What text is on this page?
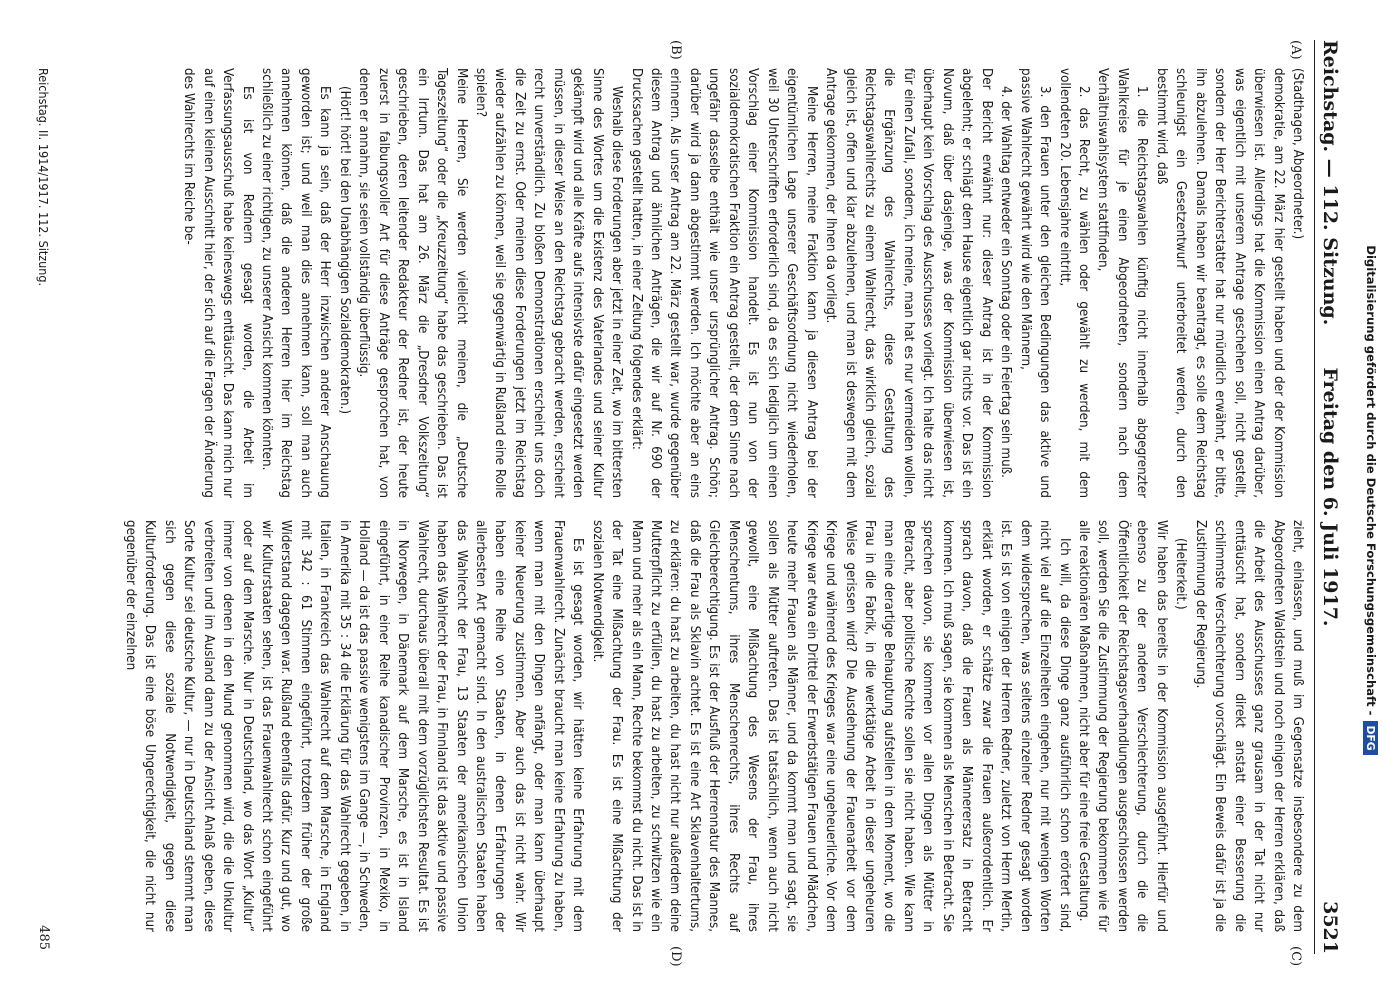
Digitalisierung gefördert durch die Deutsche Forschungsgemeinschaft -
DFG
Reichstag. — 112. Sitzung.
Freitag den 6. Juli 1917.
3521
(A)
(B)
(C)
(D)

(Stadthagen, Abgeordneter.)

demokratie, am 22. März hier gestellt haben und der der Kommission überwiesen ist. Allerdings hat die Kommission einen Antrag darüber, was eigentlich mit unserem Antrage geschehen soll, nicht gestellt, sondern der Herr Berichterstatter hat nur mündlich erwähnt, er bitte, ihn abzulehnen. Damals haben wir beantragt, es solle dem Reichstag schleunigst ein Gesetzentwurf unterbreitet werden, durch den bestimmt wird, daß

1. die Reichstagswahlen künftig nicht innerhalb abgegrenzter Wahlkreise für je einen Abgeordneten, sondern nach dem Verhältniswahlsystem stattfinden,

2. das Recht, zu wählen oder gewählt zu werden, mit dem vollendeten 20. Lebensjahre eintritt,

3. den Frauen unter den gleichen Bedingungen das aktive und passive Wahlrecht gewährt wird wie den Männern,

4. der Wahltag entweder ein Sonntag oder ein Feiertag sein muß.

Der Bericht erwähnt nur: dieser Antrag ist in der Kommission abgelehnt; er schlägt dem Hause eigentlich gar nichts vor. Das ist ein Novum, daß über dasjenige, was der Kommission überwiesen ist, überhaupt kein Vorschlag des Ausschusses vorliegt. Ich halte das nicht für einen Zufall, sondern, ich meine, man hat es nur vermeiden wollen, die Ergänzung des Wahlrechts, diese Gestaltung des Reichstagswahlrechts zu einem Wahlrecht, das wirklich gleich, sozial gleich ist, offen und klar abzulehnen, und man ist deswegen mit dem Antrage gekommen, der Ihnen da vorliegt.

Meine Herren, meine Fraktion kann ja diesen Antrag bei der eigentümlichen Lage unserer Geschäftsordnung nicht wiederholen, weil 30 Unterschriften erforderlich sind, da es sich lediglich um einen Vorschlag einer Kommission handelt. Es ist nun von der sozialdemokratischen Fraktion ein Antrag gestellt, der dem Sinne nach ungefähr dasselbe enthält wie unser ursprünglicher Antrag. Schön; darüber wird ja dann abgestimmt werden. Ich möchte aber an eins erinnern. Als unser Antrag am 22. März gestellt war, wurde gegenüber diesem Antrag und ähnlichen Anträgen, die wir auf Nr. 690 der Drucksachen gestellt hatten, in einer Zeitung folgendes erklärt:

Weshalb diese Forderungen aber jetzt in einer Zeit, wo im bittersten Sinne des Wortes um die Existenz des Vaterlandes und seiner Kultur gekämpft wird und alle Kräfte aufs intensivste dafür eingesetzt werden müssen, in dieser Weise an den Reichstag gebracht werden, erscheint recht unverständlich. Zu bloßen Demonstrationen erscheint uns doch die Zeit zu ernst. Oder meinen diese Forderungen jetzt im Reichstag wieder aufzählen zu können, weil sie gegenwärtig in Rußland eine Rolle spielen?

Meine Herren, Sie werden vielleicht meinen, die „Deutsche Tageszeitung“ oder die „Kreuzzeitung“ habe das geschrieben. Das ist ein Irrtum. Das hat am 26. März die „Dresdner Volkszeitung“ geschrieben, deren leitender Redakteur der Redner ist, der heute zuerst in falbungsvoller Art für diese Anträge gesprochen hat, von denen er annahm, sie seien vollständig überflüssig.

(Hört! hört! bei den Unabhängigen Sozialdemokraten.)

Es kann ja sein, daß der Herr inzwischen anderer Anschauung geworden ist; und weil man dies annehmen kann, soll man auch annehmen können, daß die anderen Herren hier im Reichstag schließlich zu einer richtigen, zu unserer Ansicht kommen könnten.

Es ist von Rednern gesagt worden, die Arbeit im Verfassungsausschuß habe keineswegs enttäuscht. Das kann mich nur auf einen kleinen Ausschnitt hier, der sich auf die Fragen der Änderung des Wahlrechts im Reiche be-

zieht, einlassen, und muß im Gegensatze insbesondere zu dem Abgeordneten Waldstein und noch einigen der Herren erklären, daß die Arbeit des Ausschusses ganz grausam in der Tat nicht nur enttäuscht hat, sondern direkt anstatt einer Besserung die schlimmste Verschlechterung vorschlägt. Ein Beweis dafür ist ja die Zustimmung der Regierung.

(Heiterkeit.)

Wir haben das bereits in der Kommission ausgeführt. Hierfür und ebenso zu der anderen Verschlechterung, durch die die Öffentlichkeit der Reichstagsverhandlungen ausgeschlossen werden soll, werden Sie die Zustimmung der Regierung bekommen wie für alle reaktionären Maßnahmen, nicht aber für eine freie Gestaltung.

Ich will, da diese Dinge ganz ausführlich schon erörtert sind, nicht viel auf die Einzelheiten eingehen, nur mit wenigen Worten dem widersprechen, was seitens einzelner Redner gesagt worden ist. Es ist von einigen der Herren Redner, zuletzt von Herrn Mertin, erklärt worden, er schätze zwar die Frauen außerordentlich. Er sprach davon, daß die Frauen als Männerersatz in Betracht kommen. Ich muß sagen, sie kommen als Menschen in Betracht. Sie sprechen davon, sie kommen vor allen Dingen als Mütter in Betracht, aber politische Rechte sollen sie nicht haben. Wie kann man eine derartige Behauptung aufstellen in dem Moment, wo die Frau in die Fabrik, in die werktätige Arbeit in dieser ungeheuren Weise gerissen wird? Die Ausdehnung der Frauenarbeit vor dem Kriege und während des Krieges war eine ungeheuerliche. Vor dem Kriege war etwa ein Drittel der Erwerbstätigen Frauen und Mädchen, heute mehr Frauen als Männer, und da kommt man und sagt, sie sollen als Mütter auftreten. Das ist tatsächlich, wenn auch nicht gewollt, eine Mißachtung des Wesens der Frau, ihres Menschentums, ihres Menschenrechts, ihres Rechts auf Gleichberechtigung. Es ist der Ausfluß der Herrennatur des Mannes, daß die Frau als Sklavin achtet. Es ist eine Art Sklavenhaltertums, zu erklären: du hast zu arbeiten, du hast nicht nur außerdem deine Mutterpflicht zu erfüllen, du hast zu arbeiten, zu schwitzen wie ein Mann und mehr als ein Mann, Rechte bekommst du nicht. Das ist in der Tat eine Mißachtung der Frau. Es ist eine Mißachtung der sozialen Notwendigkeit.

Es ist gesagt worden, wir hätten keine Erfahrung mit dem Frauenwahlrecht. Zunächst braucht man keine Erfahrung zu haben, wenn man mit den Dingen anfängt, oder man kann überhaupt keiner Neuerung zustimmen. Aber auch das ist nicht wahr. Wir haben eine Reihe von Staaten, in denen Erfahrungen der allerbesten Art gemacht sind. In den australischen Staaten haben das Wahlrecht der Frau, 13 Staaten der amerikanischen Union haben das Wahlrecht der Frau, in Finnland ist das aktive und passive Wahlrecht, durchaus überall mit dem vorzüglichsten Resultat. Es ist in Norwegen, in Dänemark auf dem Marsche, es ist in Island eingeführt, in einer Reihe kanadischer Provinzen, in Mexiko, in Holland — da ist das passive wenigstens im Gange —, in Schweden, in Amerika mit 35 : 34 die Erklärung für das Wahlrecht gegeben, in Italien, in Frankreich das Wahlrecht auf dem Marsche, in England mit 342 : 61 Stimmen eingeführt, trotzdem früher der große Widerstand dagegen war. Rußland ebenfalls dafür. Kurz und gut, wo wir Kulturstaaten sehen, ist das Frauenwahlrecht schon eingeführt oder auf dem Marsche. Nur in Deutschland, wo das Wort „Kultur“ immer von denen in den Mund genommen wird, die die Unkultur verbreiten und im Ausland dann zu der Ansicht Anlaß geben, diese Sorte Kultur sei deutsche Kultur, — nur in Deutschland stemmt man sich gegen diese soziale Notwendigkeit, gegen diese Kulturforderung. Das ist eine böse Ungerechtigkeit, die nicht nur gegenüber der einzelnen

Reichstag. II. 1914/1917. 112. Sitzung.
485
